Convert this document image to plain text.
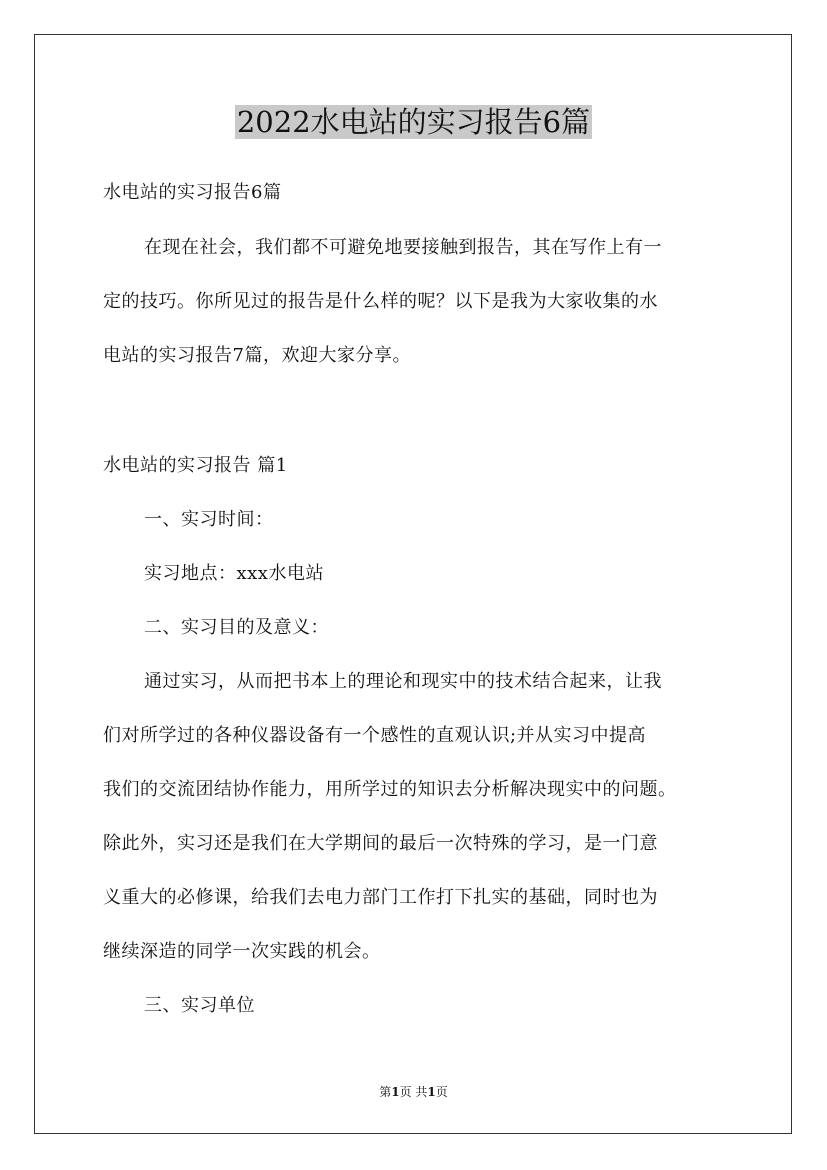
2022水电站的实习报告6篇
水电站的实习报告6篇
在现在社会，我们都不可避免地要接触到报告，其在写作上有一
定的技巧。你所见过的报告是什么样的呢？以下是我为大家收集的水
电站的实习报告7篇，欢迎大家分享。
水电站的实习报告 篇1
一、实习时间：
实习地点：xxx水电站
二、实习目的及意义：
通过实习，从而把书本上的理论和现实中的技术结合起来，让我
们对所学过的各种仪器设备有一个感性的直观认识;并从实习中提高
我们的交流团结协作能力，用所学过的知识去分析解决现实中的问题。
除此外，实习还是我们在大学期间的最后一次特殊的学习，是一门意
义重大的必修课，给我们去电力部门工作打下扎实的基础，同时也为
继续深造的同学一次实践的机会。
三、实习单位
第1页 共1页
